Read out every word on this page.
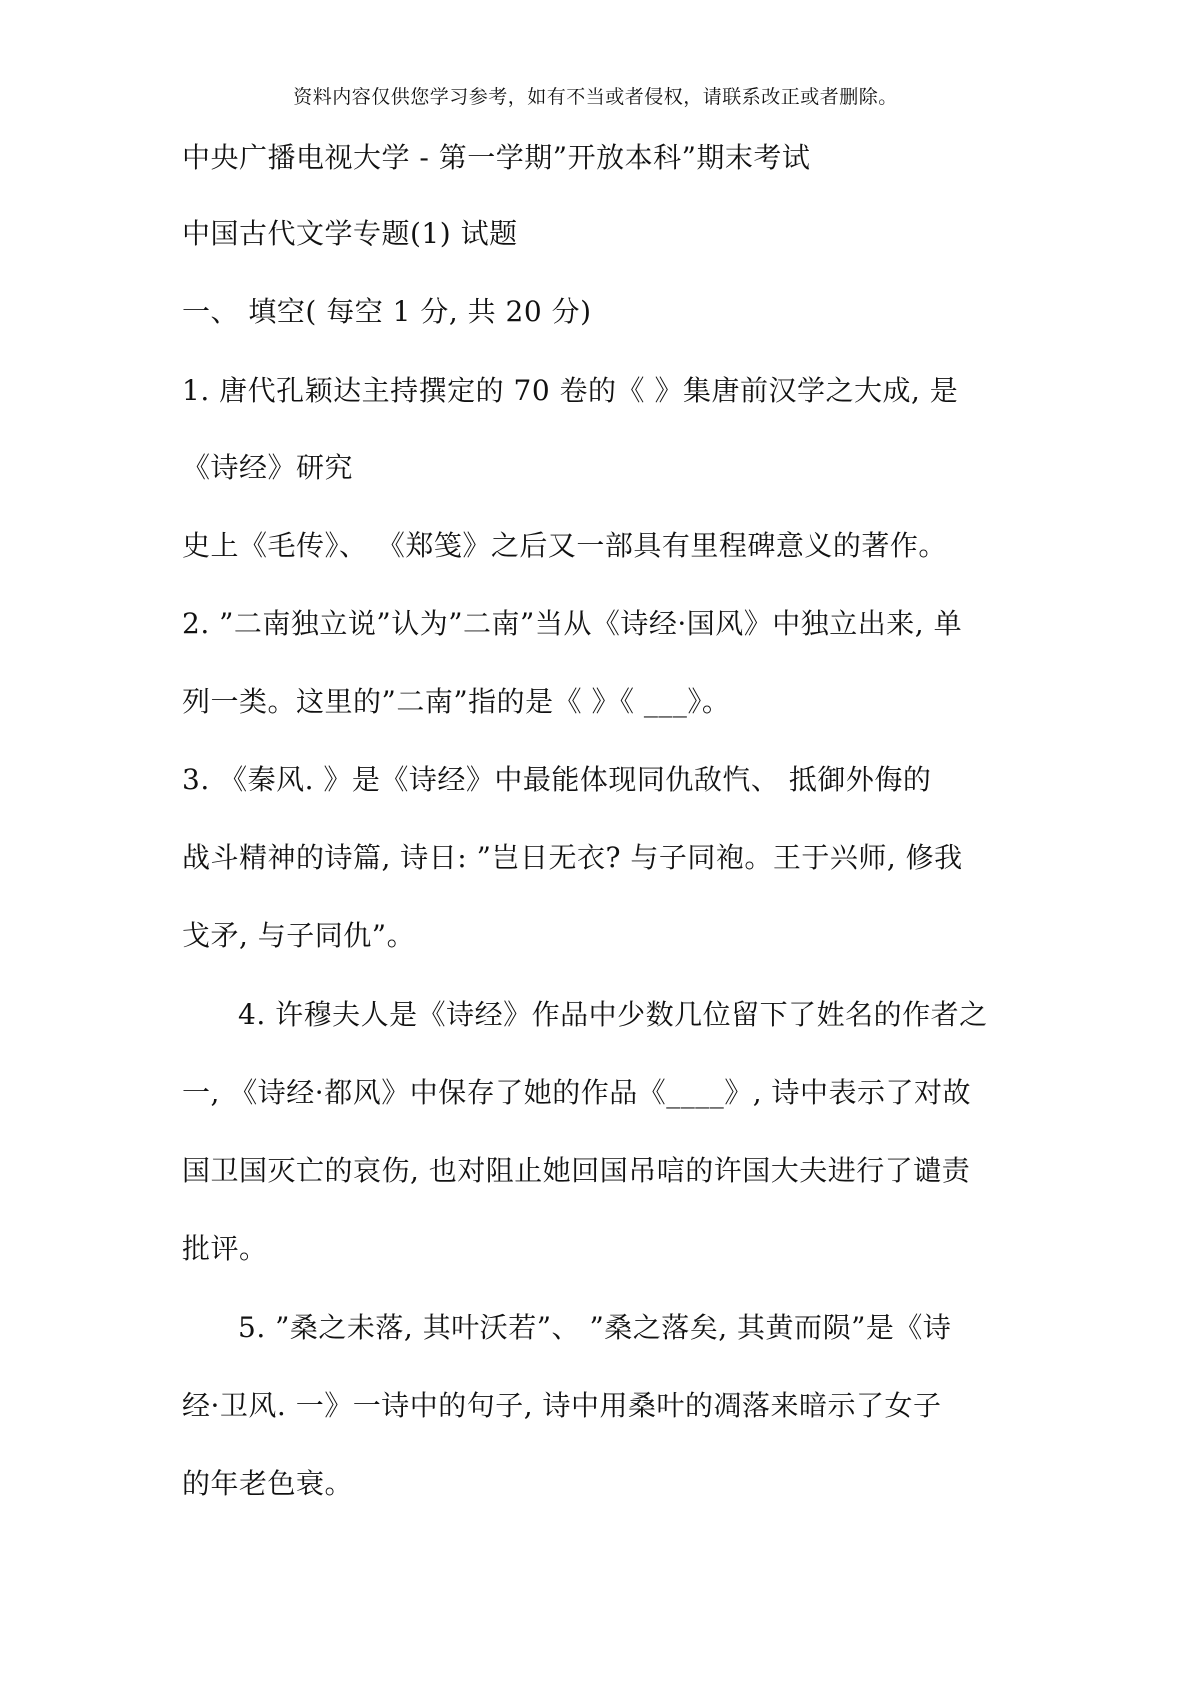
资料内容仅供您学习参考，如有不当或者侵权，请联系改正或者删除。
中央广播电视大学 - 第一学期”开放本科”期末考试
中国古代文学专题(1) 试题
一、 填空( 每空 1 分, 共 20 分)
1. 唐代孔颖达主持撰定的 70 卷的《 》集唐前汉学之大成, 是
《诗经》研究
史上《毛传》、 《郑笺》之后又一部具有里程碑意义的著作。
2. ”二南独立说”认为”二南”当从《诗经·国风》中独立出来, 单
列一类。这里的”二南”指的是《 》《 ___》。
3. 《秦风. 》是《诗经》中最能体现同仇敌忾、 抵御外侮的
战斗精神的诗篇, 诗日: ”岂日无衣? 与子同袍。王于兴师, 修我
戈矛, 与子同仇”。
4. 许穆夫人是《诗经》作品中少数几位留下了姓名的作者之
一, 《诗经·都风》中保存了她的作品《____》, 诗中表示了对故
国卫国灭亡的哀伤, 也对阻止她回国吊唁的许国大夫进行了谴责
批评。
5. ”桑之未落, 其叶沃若”、 ”桑之落矣, 其黄而陨”是《诗
经·卫风. 一》一诗中的句子, 诗中用桑叶的凋落来暗示了女子
的年老色衰。
